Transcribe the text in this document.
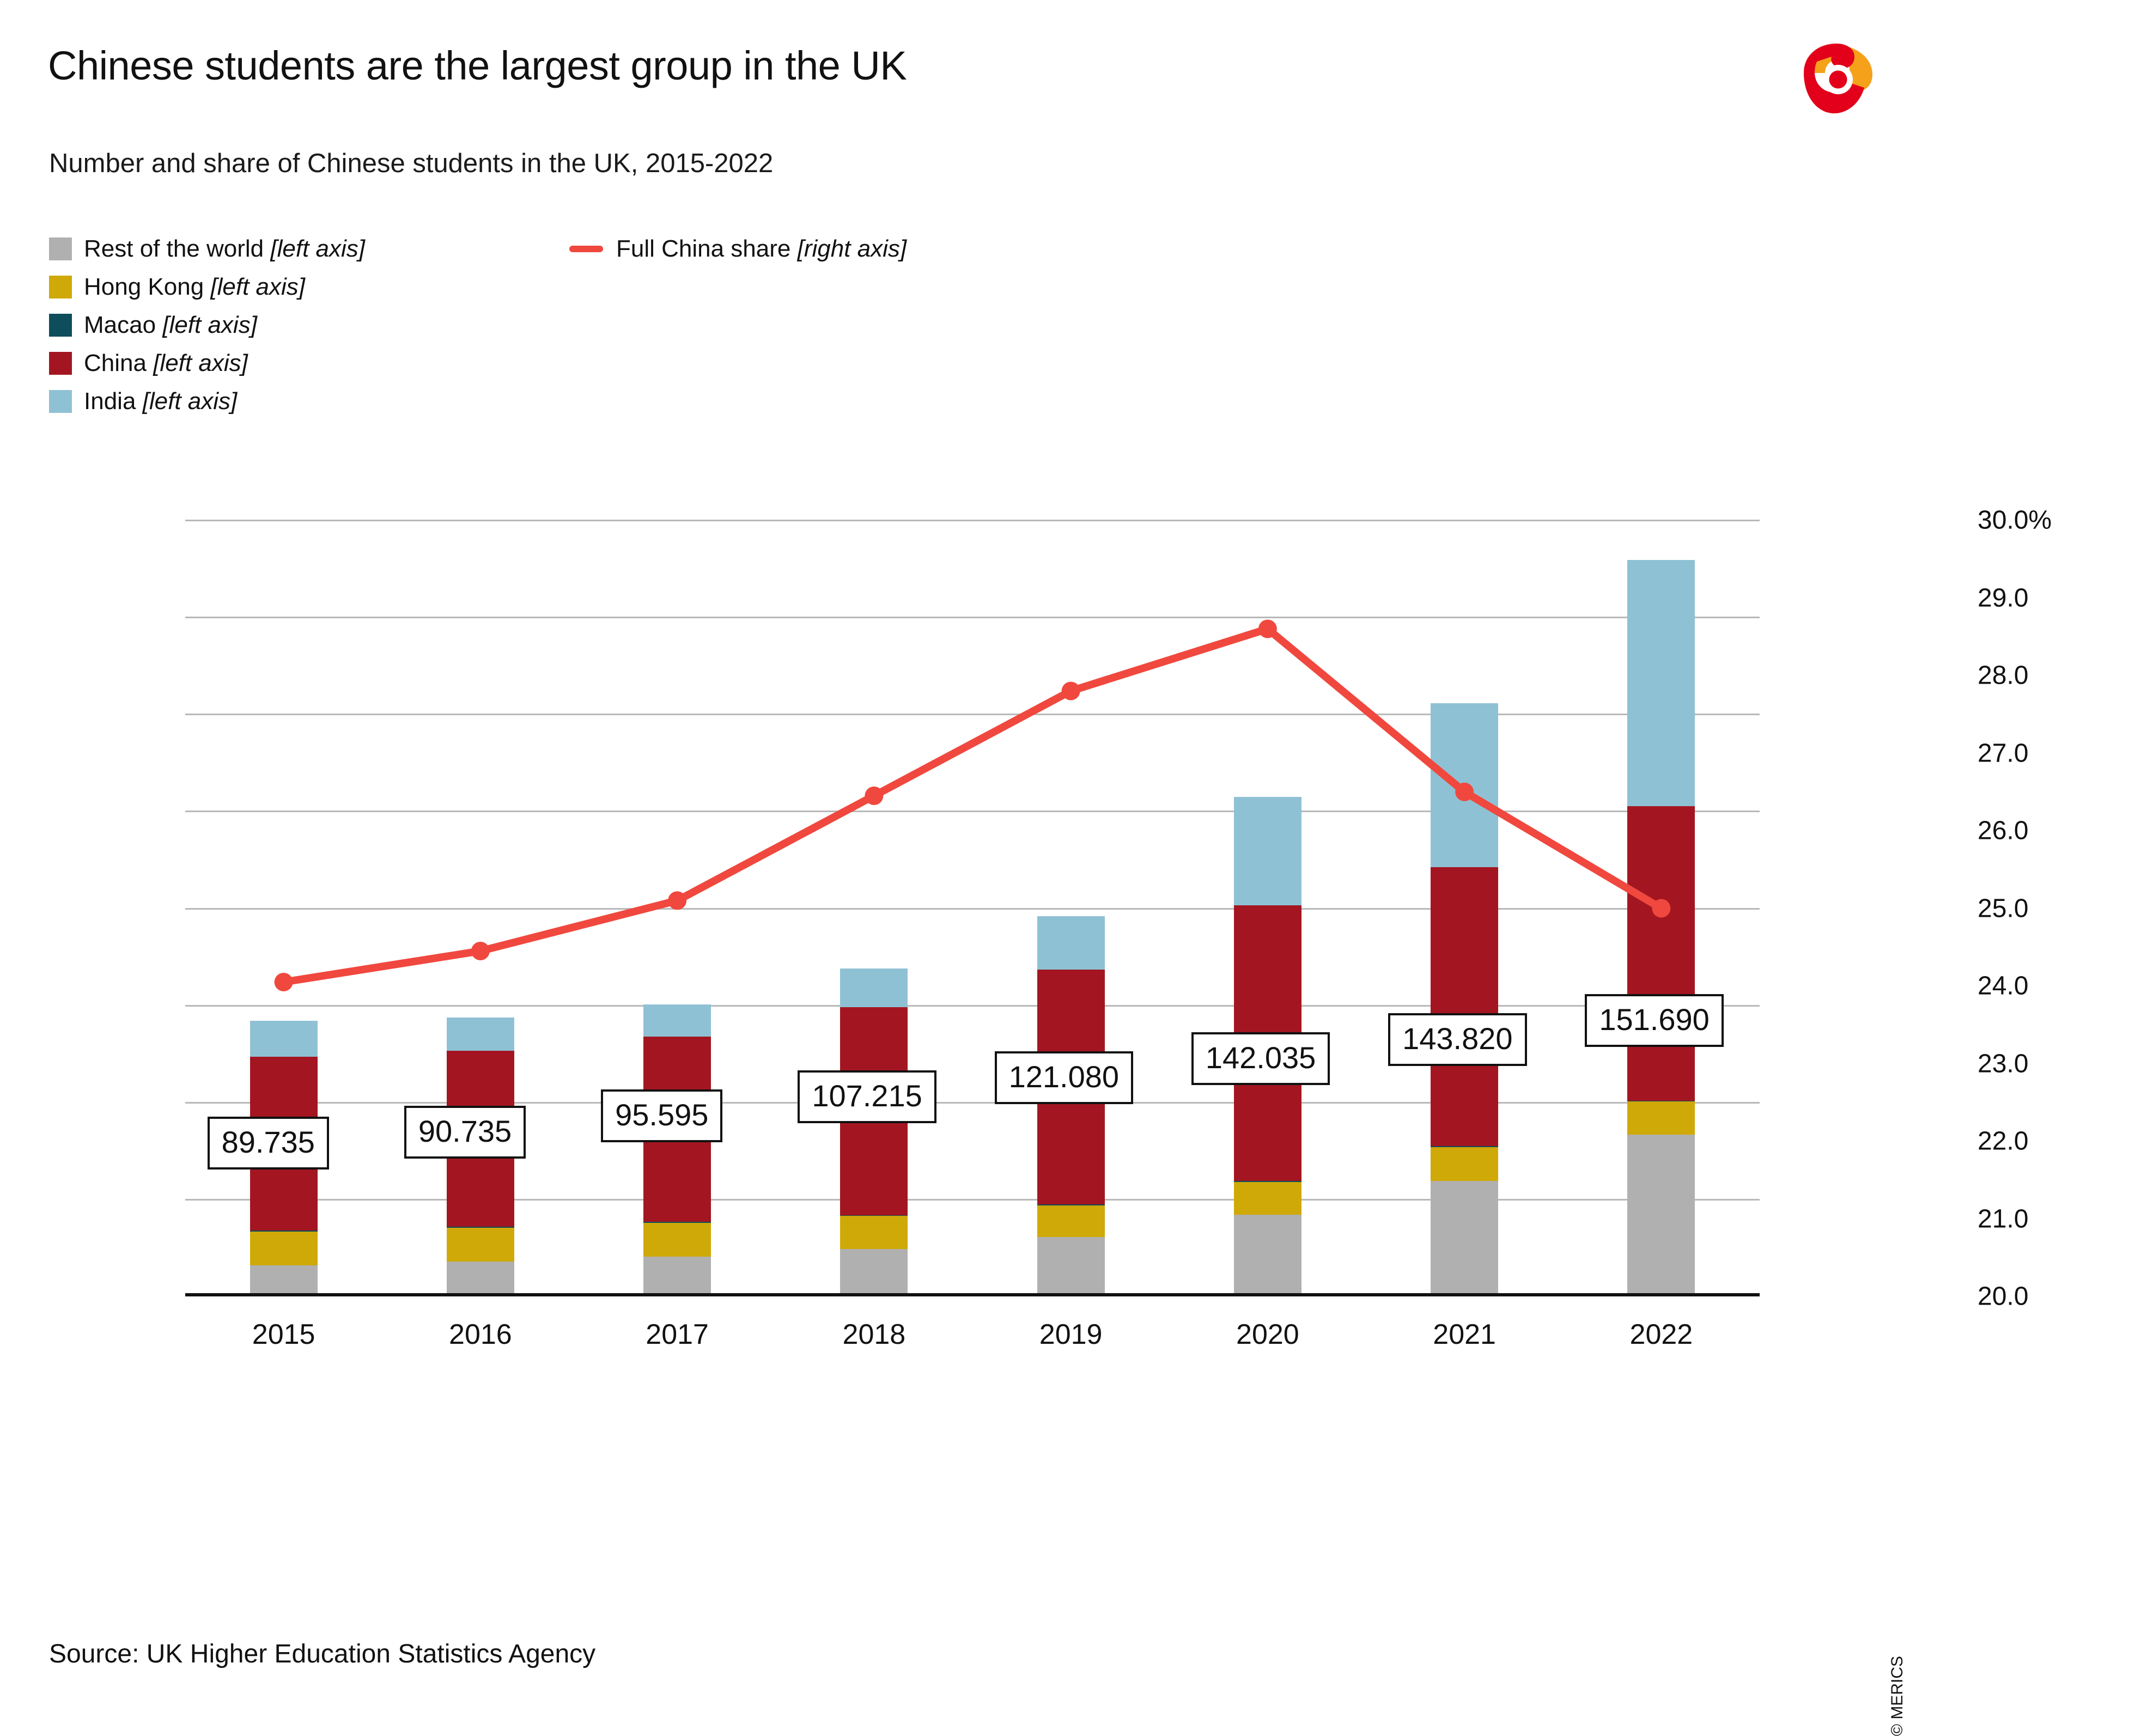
Chinese students are the largest group in the UK
Number and share of Chinese students in the UK, 2015-2022
Rest of the world [left axis]	Full China share [right axis]
Hong Kong [left axis]
Macao [left axis]
China [left axis]
India [left axis]
89.735	90.735	95.595
107.215
121.080
142.035
143.820
151.690
20.0
21.0
22.0
23.0
24.0
25.0
26.0
27.0
28.0
29.0
30.0%
2015	2016	2017	2018	2019	2020	2021	2022
Source: UK Higher Education Statistics Agency
© MERICS
